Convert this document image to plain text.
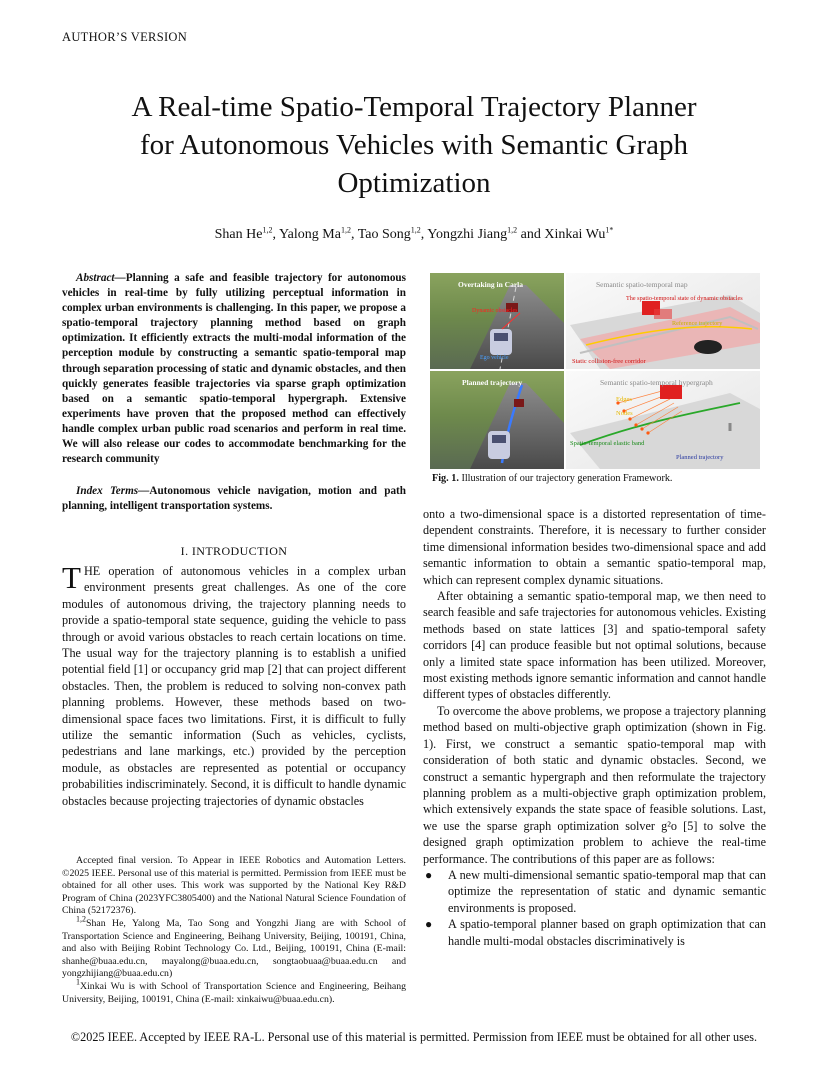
AUTHOR’S VERSION
A Real-time Spatio-Temporal Trajectory Planner
for Autonomous Vehicles with Semantic Graph
Optimization
Shan He$^{1,2}$, Yalong Ma$^{1,2}$, Tao Song$^{1,2}$, Yongzhi Jiang$^{1,2}$ and Xinkai $Wu^{1*}$
Abstract—Planning a safe and feasible trajectory for autonomous vehicles in real-time by fully utilizing perceptual information in complex urban environments is challenging. In this paper, we propose a spatio-temporal trajectory planning method based on graph optimization. It efficiently extracts the multi-modal information of the perception module by constructing a semantic spatio-temporal map through separation processing of static and dynamic obstacles, and then quickly generates feasible trajectories via sparse graph optimization based on a semantic spatio-temporal hypergraph. Extensive experiments have proven that the proposed method can effectively handle complex urban public road scenarios and perform in real time. We will also release our codes to accommodate benchmarking for the research community
Index Terms—Autonomous vehicle navigation, motion and path planning, intelligent transportation systems.
I. INTRODUCTION
THE operation of autonomous vehicles in a complex urban environment presents great challenges. As one of the core modules of autonomous driving, the trajectory planning needs to provide a spatio-temporal state sequence, guiding the vehicle to pass through or avoid various obstacles to reach certain locations on time. The usual way for the trajectory planning is to establish a unified potential field [1] or occupancy grid map [2] that can project different obstacles. Then, the problem is reduced to solving non-convex path planning problems. However, these methods based on two-dimensional space faces two limitations. First, it is difficult to fully utilize the semantic information (Such as vehicles, cyclists, pedestrians and lane markings, etc.) provided by the perception module, as obstacles are represented as potential or occupancy probabilities indiscriminately. Second, it is difficult to handle dynamic obstacles because projecting trajectories of dynamic obstacles

Accepted final version. To Appear in IEEE Robotics and Automation Letters. ©2025 IEEE. Personal use of this material is permitted. Permission from IEEE must be obtained for all other uses. This work was supported by the National Key R&D Program of China (2023YFC3805400) and the National Natural Science Foundation of China (52172376).

$^{1,2}$Shan He, Yalong Ma, Tao Song and Yongzhi Jiang are with School of Transportation Science and Engineering, Beihang University, Beijing, 100191, China, and also with Beijing Robint Technology Co. Ltd., Beijing, 100191, China (E-mail: shanhe@buaa.edu.cn, mayalong@buaa.edu.cn, songtaobuaa@buaa.edu.cn and yongzhijiang@buaa.edu.cn)

$^1$Xinkai Wu is with School of Transportation Science and Engineering, Beihang University, Beijing, 100191, China (E-mail: xinkaiwu@buaa.edu.cn).

Overtaking in Carla
Dynamic obstacles
Ego vehicle
Semantic spatio-temporal map
The spatio-temporal state of dynamic obstacles
Reference trajectory
Static collision-free corridor
Planned trajectory	Semantic spatio-temporal hypergraph
Edges
Nodes
Spatio-temporal elastic band
Planned trajectory
Fig. 1. Illustration of our trajectory generation Framework.

onto a two-dimensional space is a distorted representation of time-dependent constraints. Therefore, it is necessary to further consider time dimensional information besides two-dimensional space and add semantic information to obtain a semantic spatio-temporal map, which can represent complex dynamic situations.

After obtaining a semantic spatio-temporal map, we then need to search feasible and safe trajectories for autonomous vehicles. Existing methods based on state lattices [3] and spatio-temporal safety corridors [4] can produce feasible but not optimal solutions, because only a limited state space information has been utilized. Moreover, most existing methods ignore semantic information and cannot handle different types of obstacles differently.

To overcome the above problems, we propose a trajectory planning method based on multi-objective graph optimization (shown in Fig. 1). First, we construct a semantic spatio-temporal map with consideration of both static and dynamic obstacles. Second, we construct a semantic hypergraph and then reformulate the trajectory planning problem as a multi-objective graph optimization problem, which extensively expands the state space of feasible solutions. Last, we use the sparse graph optimization solver g²o [5] to solve the designed graph optimization problem to achieve the real-time performance. The contributions of this paper are as follows:

● A new multi-dimensional semantic spatio-temporal map that can optimize the representation of static and dynamic semantic environments is proposed.
● A spatio-temporal planner based on graph optimization that can handle multi-modal obstacles discriminatively is
©2025 IEEE. Accepted by IEEE RA-L. Personal use of this material is permitted. Permission from IEEE must be obtained for all other uses.
